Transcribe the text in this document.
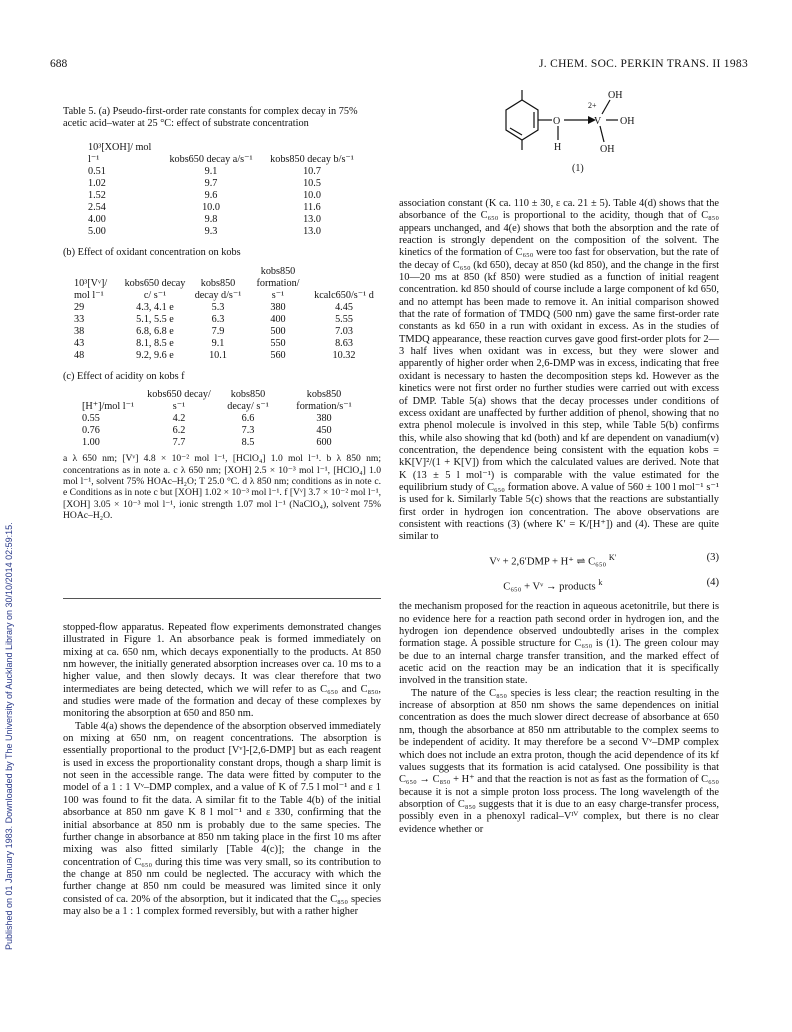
688	J. CHEM. SOC. PERKIN TRANS. II 1983
Published on 01 January 1983. Downloaded by The University of Auckland Library on 30/10/2014 02:59:15.

Table 5. (a) Pseudo-first-order rate constants for complex decay in 75% acetic acid–water at 25 °C: effect of substrate concentration

10³[XOH]/ mol l⁻¹	kobs650 decay a/s⁻¹	kobs850 decay b/s⁻¹
0.51	9.1	10.7
1.02	9.7	10.5
1.52	9.6	10.0
2.54	10.0	11.6
4.00	9.8	13.0
5.00	9.3	13.0

(b) Effect of oxidant concentration on kobs

10³[Vᵛ]/ mol l⁻¹	kobs650 decay c/ s⁻¹	kobs850 decay d/s⁻¹	kobs850 formation/ s⁻¹	kcalc650/s⁻¹ d
29	4.3, 4.1 e	5.3	380	4.45
33	5.1, 5.5 e	6.3	400	5.55
38	6.8, 6.8 e	7.9	500	7.03
43	8.1, 8.5 e	9.1	550	8.63
48	9.2, 9.6 e	10.1	560	10.32

(c) Effect of acidity on kobs f

[H⁺]/mol l⁻¹	kobs650 decay/ s⁻¹	kobs850 decay/ s⁻¹	kobs850 formation/s⁻¹
0.55	4.2	6.6	380
0.76	6.2	7.3	450
1.00	7.7	8.5	600

a λ 650 nm; [Vᵛ] 4.8 × 10⁻² mol l⁻¹, [HClO₄] 1.0 mol l⁻¹. b λ 850 nm; concentrations as in note a. c λ 650 nm; [XOH] 2.5 × 10⁻³ mol l⁻¹, [HClO₄] 1.0 mol l⁻¹, solvent 75% HOAc–H₂O; T 25.0 °C. d λ 850 nm; conditions as in note c. e Conditions as in note c but [XOH] 1.02 × 10⁻³ mol l⁻¹. f [Vᵛ] 3.7 × 10⁻² mol l⁻¹, [XOH] 3.05 × 10⁻³ mol l⁻¹, ionic strength 1.07 mol l⁻¹ (NaClO₄), solvent 75% HOAc–H₂O.

stopped-flow apparatus. Repeated flow experiments demonstrated changes illustrated in Figure 1. An absorbance peak is formed immediately on mixing at ca. 650 nm, which decays exponentially to the products. At 850 nm however, the initially generated absorption increases over ca. 10 ms to a higher value, and then slowly decays. It was clear therefore that two intermediates are being detected, which we will refer to as C₆₅₀ and C₈₅₀, and studies were made of the formation and decay of these complexes by monitoring the absorption at 650 and 850 nm.

Table 4(a) shows the dependence of the absorption observed immediately on mixing at 650 nm, on reagent concentrations. The absorption is essentially proportional to the product [Vᵛ]-[2,6-DMP] but as each reagent is used in excess the proportionality constant drops, though a sharp limit is not seen in the accessible range. The data were fitted by computer to the model of a 1 : 1 Vᵛ–DMP complex, and a value of K of 7.5 l mol⁻¹ and ε 1 100 was found to fit the data. A similar fit to the Table 4(b) of the initial absorbance at 850 nm gave K 8 l mol⁻¹ and ε 330, confirming that the initial absorbance at 850 nm is probably due to the same species. The further change in absorbance at 850 nm taking place in the first 10 ms after mixing was also fitted similarly [Table 4(c)]; the change in the concentration of C₆₅₀ during this time was very small, so its contribution to the change at 850 nm could be neglected. The accuracy with which the further change at 850 nm could be measured was limited since it only consisted of ca. 20% of the absorption, but it indicated that the C₈₅₀ species may also be a 1 : 1 complex formed reversibly, but with a rather higher

O	V
OH
OH
OH
H
2+
(1)

association constant (K ca. 110 ± 30, ε ca. 21 ± 5). Table 4(d) shows that the absorbance of the C₆₅₀ is proportional to the acidity, though that of C₈₅₀ appears unchanged, and 4(e) shows that both the absorption and the rate of reaction is strongly dependent on the composition of the solvent. The kinetics of the formation of C₆₅₀ were too fast for observation, but the rate of the decay of C₆₅₀ (kd 650), decay at 850 (kd 850), and the change in the first 10—20 ms at 850 (kf 850) were studied as a function of initial reagent concentration. kd 850 should of course include a large component of kd 650, and no attempt has been made to remove it. An initial comparison showed that the rate of formation of TMDQ (500 nm) gave the same first-order rate constants as kd 650 in a run with oxidant in excess. As in the studies of TMDQ appearance, these reaction curves gave good first-order plots for 2—3 half lives when oxidant was in excess, but they were slower and apparently of higher order when 2,6-DMP was in excess, indicating that free oxidant is necessary to hasten the decomposition steps kd. However as the kinetics were not first order no further studies were carried out with excess of DMP. Table 5(a) shows that the decay processes under conditions of excess oxidant are unaffected by further addition of phenol, showing that no extra phenol molecule is involved in this step, while Table 5(b) confirms this, while also showing that kd (both) and kf are dependent on vanadium(v) concentration, the dependence being consistent with the equation kobs = kK[V]²/(1 + K[V]) from which the calculated values are derived. Note that K (13 ± 5 l mol⁻¹) is comparable with the value estimated for the equilibrium study of C₆₅₀ formation above. A value of 560 ± 100 l mol⁻¹ s⁻¹ is used for k. Similarly Table 5(c) shows that the reactions are substantially first order in hydrogen ion concentration. The above observations are consistent with reactions (3) (where K′ = K/[H⁺]) and (4). These are quite similar to

Vᵛ + 2,6′DMP + H⁺ ⇌ C₆₅₀ $^{K'}$	(3)
C₆₅₀ + Vᵛ → products $^k$	(4)

the mechanism proposed for the reaction in aqueous acetonitrile, but there is no evidence here for a reaction path second order in hydrogen ion, and the hydrogen ion dependence observed undoubtedly arises in the complex formation stage. A possible structure for C₆₅₀ is (1). The green colour may be due to an internal charge transfer transition, and the marked effect of acetic acid on the reaction may be an indication that it is specifically involved in the transition state.

The nature of the C₈₅₀ species is less clear; the reaction resulting in the increase of absorption at 850 nm shows the same dependences on initial concentration as does the much slower direct decrease of absorbance at 650 nm, though the absorbance at 850 nm attributable to the complex seems to be independent of acidity. It may therefore be a second Vᵛ–DMP complex which does not include an extra proton, though the acid dependence of its kf values suggests that its formation is acid catalysed. One possibility is that C₆₅₀ → C₈₅₀ + H⁺ and that the reaction is not as fast as the formation of C₆₅₀ because it is not a simple proton loss process. The long wavelength of the absorption of C₈₅₀ suggests that it is due to an easy charge-transfer process, possibly even in a phenoxyl radical–Vᴵⱽ complex, but there is no clear evidence whether or
